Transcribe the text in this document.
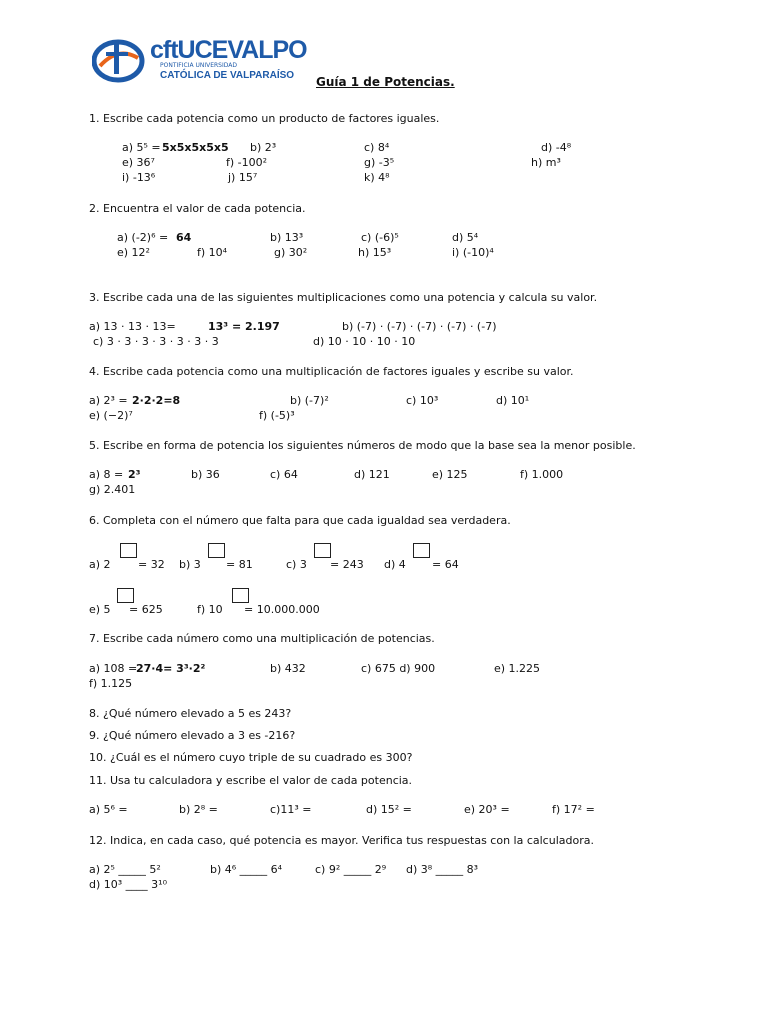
cftUCEVALPO
PONTIFICIA UNIVERSIDAD
CATÓLICA DE VALPARAÍSO Guía 1 de Potencias.
1. Escribe cada potencia como un producto de factores iguales.
a) 5⁵ = 5x5x5x5x5 b) 2³	c) 8⁴	d) -4⁸
e) 36⁷	f) -100²	g) -3⁵	h) m³
i) -13⁶	j) 15⁷	k) 4⁸
2. Encuentra el valor de cada potencia.
a) (-2)⁶ = 64	b) 13³	c) (-6)⁵	d) 5⁴
e) 12²	f) 10⁴	g) 30²	h) 15³	i) (-10)⁴
3. Escribe cada una de las siguientes multiplicaciones como una potencia y calcula su valor.
a) 13 · 13 · 13=	13³ = 2.197	b) (-7) · (-7) · (-7) · (-7) · (-7)
c) 3 · 3 · 3 · 3 · 3 · 3 · 3	d) 10 · 10 · 10 · 10
4. Escribe cada potencia como una multiplicación de factores iguales y escribe su valor.
a) 2³ = 2·2·2=8	b) (-7)²	c) 10³	d) 10¹
e) (−2)⁷	f) (-5)³
5. Escribe en forma de potencia los siguientes números de modo que la base sea la menor posible.
a) 8 = 2³	b) 36	c) 64	d) 121	e) 125	f) 1.000
g) 2.401
6. Completa con el número que falta para que cada igualdad sea verdadera.
a) 2 = 32 b) 3 = 81	c) 3 = 243 d) 4 = 64
e) 5 = 625	f) 10 = 10.000.000
7. Escribe cada número como una multiplicación de potencias.
a) 108 =
27·4= 3³·2²	b) 432	c) 675 d) 900	e) 1.225
f) 1.125
8. ¿Qué número elevado a 5 es 243?
9. ¿Qué número elevado a 3 es -216?
10. ¿Cuál es el número cuyo triple de su cuadrado es 300?
11. Usa tu calculadora y escribe el valor de cada potencia.
a) 5⁶ =	b) 2⁸ =	c)11³ =	d) 15² =	e) 20³ =	f) 17² =
12. Indica, en cada caso, qué potencia es mayor. Verifica tus respuestas con la calculadora.
a) 2⁵ _____ 5²	b) 4⁶ _____ 6⁴	c) 9² _____ 2⁹ d) 3⁸ _____ 8³
d) 10³ ____ 3¹⁰
